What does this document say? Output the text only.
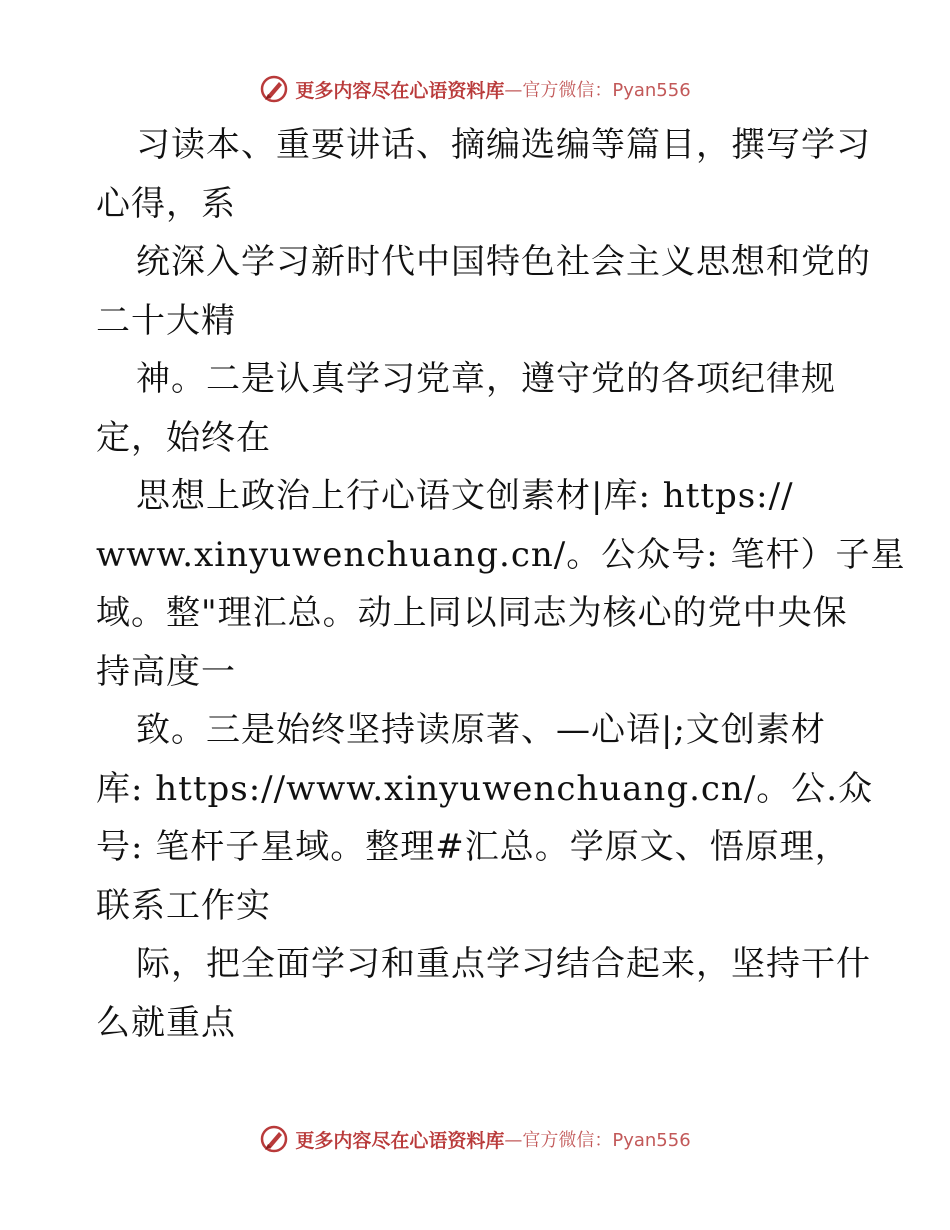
更多内容尽在心语资料库 —官方微信：Pyan556
习读本、重要讲话、摘编选编等篇目，撰写学习
心得，系
统深入学习新时代中国特色社会主义思想和党的
二十大精
神。二是认真学习党章，遵守党的各项纪律规
定，始终在
思想上政治上行心语文创素材|库: https://
www.xinyuwenchuang.cn/。公众号: 笔杆）子星
域。整"理汇总。动上同以同志为核心的党中央保
持高度一
致。三是始终坚持读原著、—心语|;文创素材
库: https://www.xinyuwenchuang.cn/。公.众
号: 笔杆子星域。整理#汇总。学原文、悟原理，
联系工作实
际，把全面学习和重点学习结合起来，坚持干什
么就重点
更多内容尽在心语资料库 —官方微信：Pyan556
